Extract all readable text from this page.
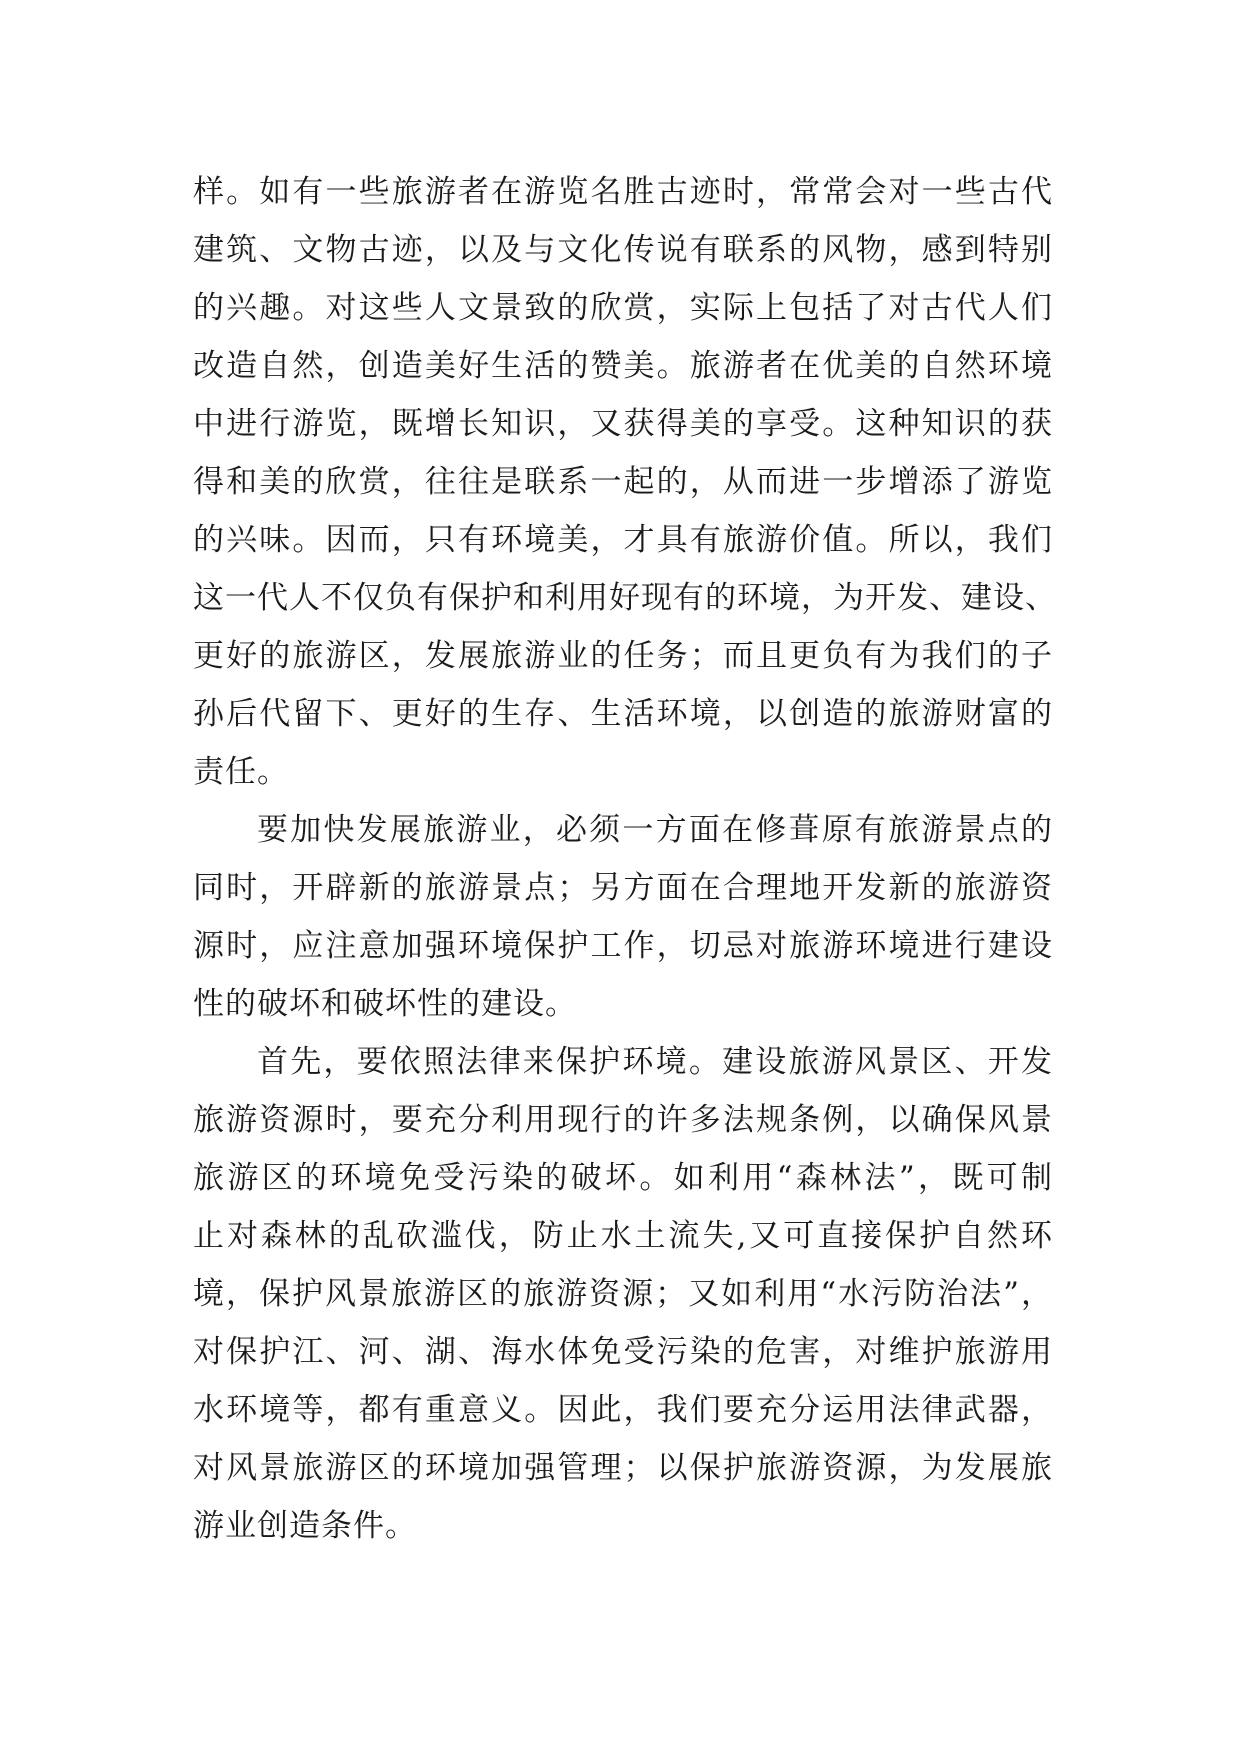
样。如有一些旅游者在游览名胜古迹时，常常会对一些古代
建筑、文物古迹，以及与文化传说有联系的风物，感到特别
的兴趣。对这些人文景致的欣赏，实际上包括了对古代人们
改造自然，创造美好生活的赞美。旅游者在优美的自然环境
中进行游览，既增长知识，又获得美的享受。这种知识的获
得和美的欣赏，往往是联系一起的，从而进一步增添了游览
的兴味。因而，只有环境美，才具有旅游价值。所以，我们
这一代人不仅负有保护和利用好现有的环境，为开发、建设、
更好的旅游区，发展旅游业的任务；而且更负有为我们的子
孙后代留下、更好的生存、生活环境，以创造的旅游财富的
责任。
要加快发展旅游业，必须一方面在修葺原有旅游景点的
同时，开辟新的旅游景点；另方面在合理地开发新的旅游资
源时，应注意加强环境保护工作，切忌对旅游环境进行建设
性的破坏和破坏性的建设。
首先，要依照法律来保护环境。建设旅游风景区、开发
旅游资源时，要充分利用现行的许多法规条例，以确保风景
旅游区的环境免受污染的破坏。如利用“森林法”，既可制
止对森林的乱砍滥伐，防止水土流失,又可直接保护自然环
境，保护风景旅游区的旅游资源；又如利用“水污防治法”，
对保护江、河、湖、海水体免受污染的危害，对维护旅游用
水环境等，都有重意义。因此，我们要充分运用法律武器，
对风景旅游区的环境加强管理；以保护旅游资源，为发展旅
游业创造条件。
